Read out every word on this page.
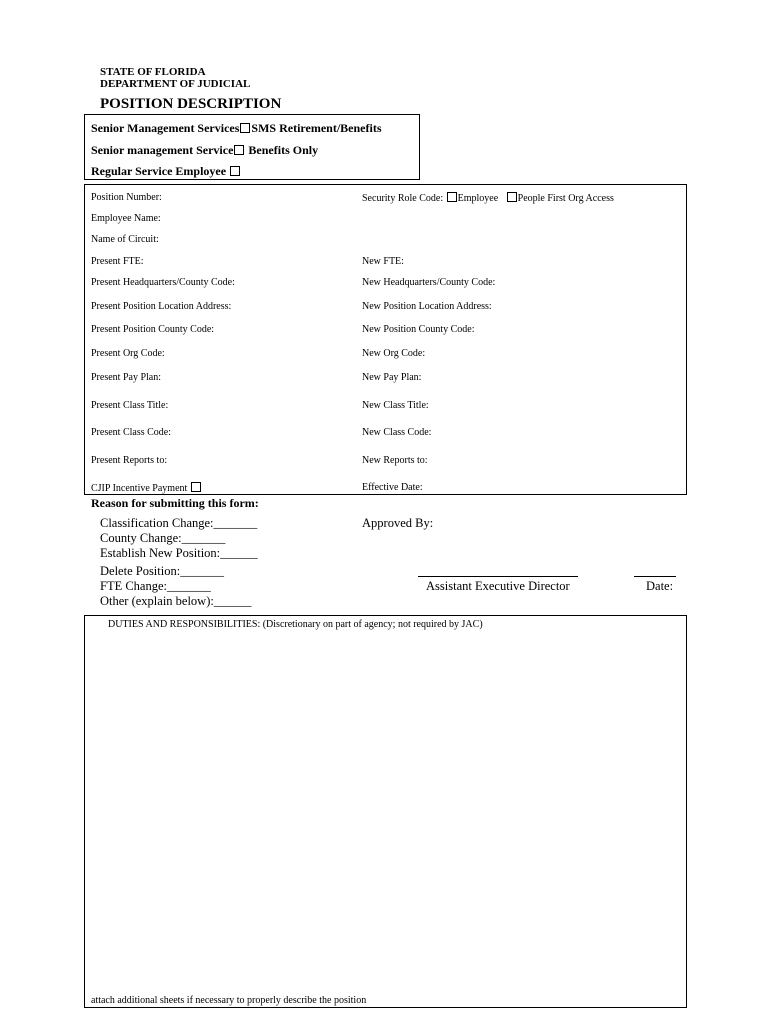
STATE OF FLORIDA
DEPARTMENT OF JUDICIAL
POSITION DESCRIPTION
Senior Management Services SMS Retirement/Benefits
Senior management Service Benefits Only
Regular Service Employee
Position Number:	Security Role Code: Employee People First Org Access
Employee Name:
Name of Circuit:
Present FTE:	New FTE:
Present Headquarters/County Code:	New Headquarters/County Code:
Present Position Location Address:	New Position Location Address:
Present Position County Code:	New Position County Code:
Present Org Code:	New Org Code:
Present Pay Plan:	New Pay Plan:
Present Class Title:	New Class Title:
Present Class Code:	New Class Code:
Present Reports to:	New Reports to:
CJIP Incentive Payment	Effective Date:
Reason for submitting this form:
Classification Change:_______
County Change:_______
Establish New Position:______
Delete Position:_______
FTE Change:_______
Other (explain below):______
Approved By:
Assistant Executive Director	Date:
DUTIES AND RESPONSIBILITIES: (Discretionary on part of agency; not required by JAC)
attach additional sheets if necessary to properly describe the position
